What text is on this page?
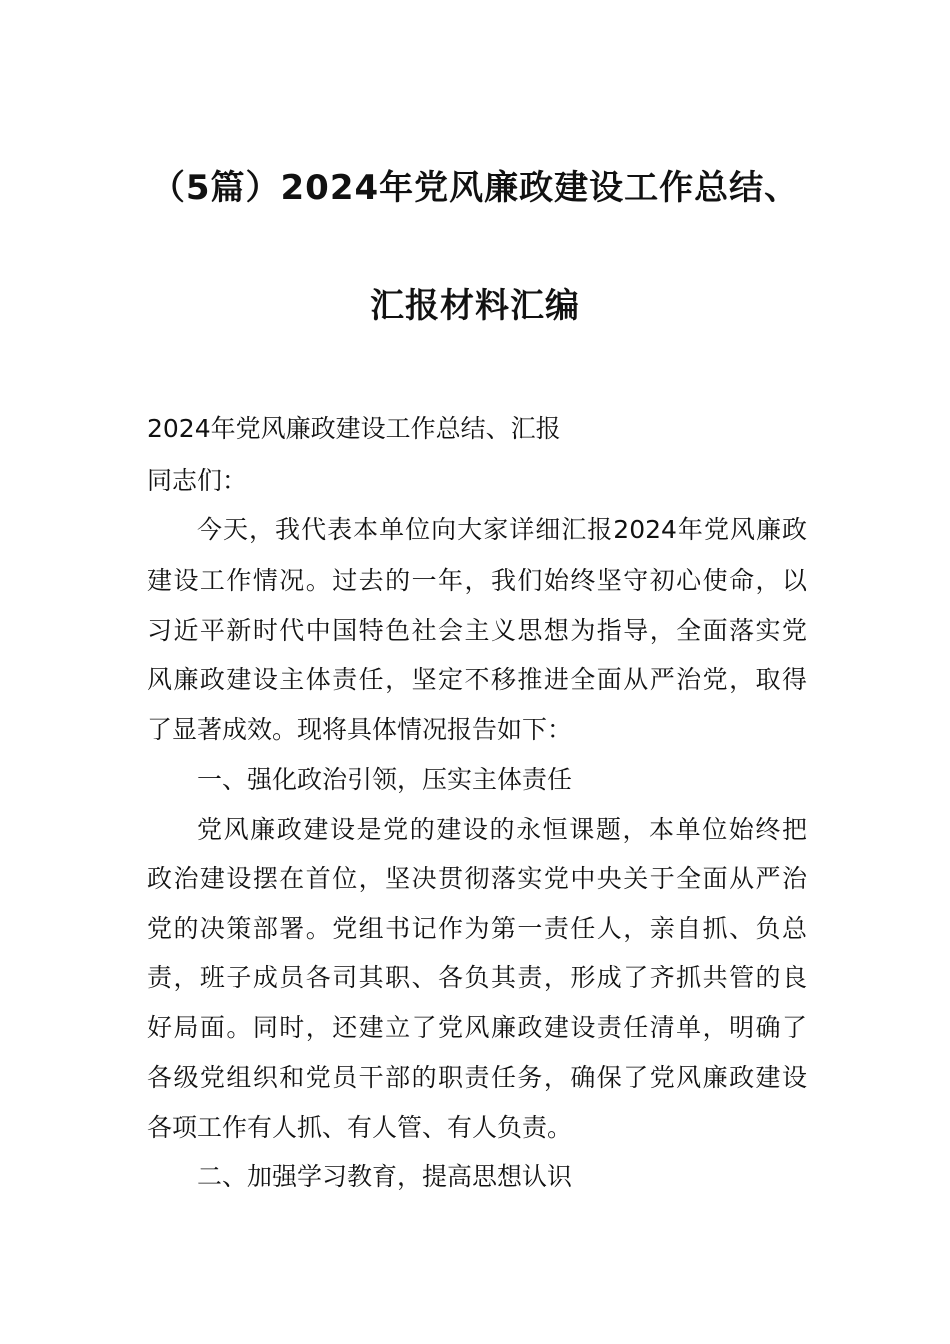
（5篇）2024年党风廉政建设工作总结、
汇报材料汇编
2024年党风廉政建设工作总结、汇报
同志们：
今天，我代表本单位向大家详细汇报2024年党风廉政
建设工作情况。过去的一年，我们始终坚守初心使命，以
习近平新时代中国特色社会主义思想为指导，全面落实党
风廉政建设主体责任，坚定不移推进全面从严治党，取得
了显著成效。现将具体情况报告如下：
一、强化政治引领，压实主体责任
党风廉政建设是党的建设的永恒课题，本单位始终把
政治建设摆在首位，坚决贯彻落实党中央关于全面从严治
党的决策部署。党组书记作为第一责任人，亲自抓、负总
责，班子成员各司其职、各负其责，形成了齐抓共管的良
好局面。同时，还建立了党风廉政建设责任清单，明确了
各级党组织和党员干部的职责任务，确保了党风廉政建设
各项工作有人抓、有人管、有人负责。
二、加强学习教育，提高思想认识
